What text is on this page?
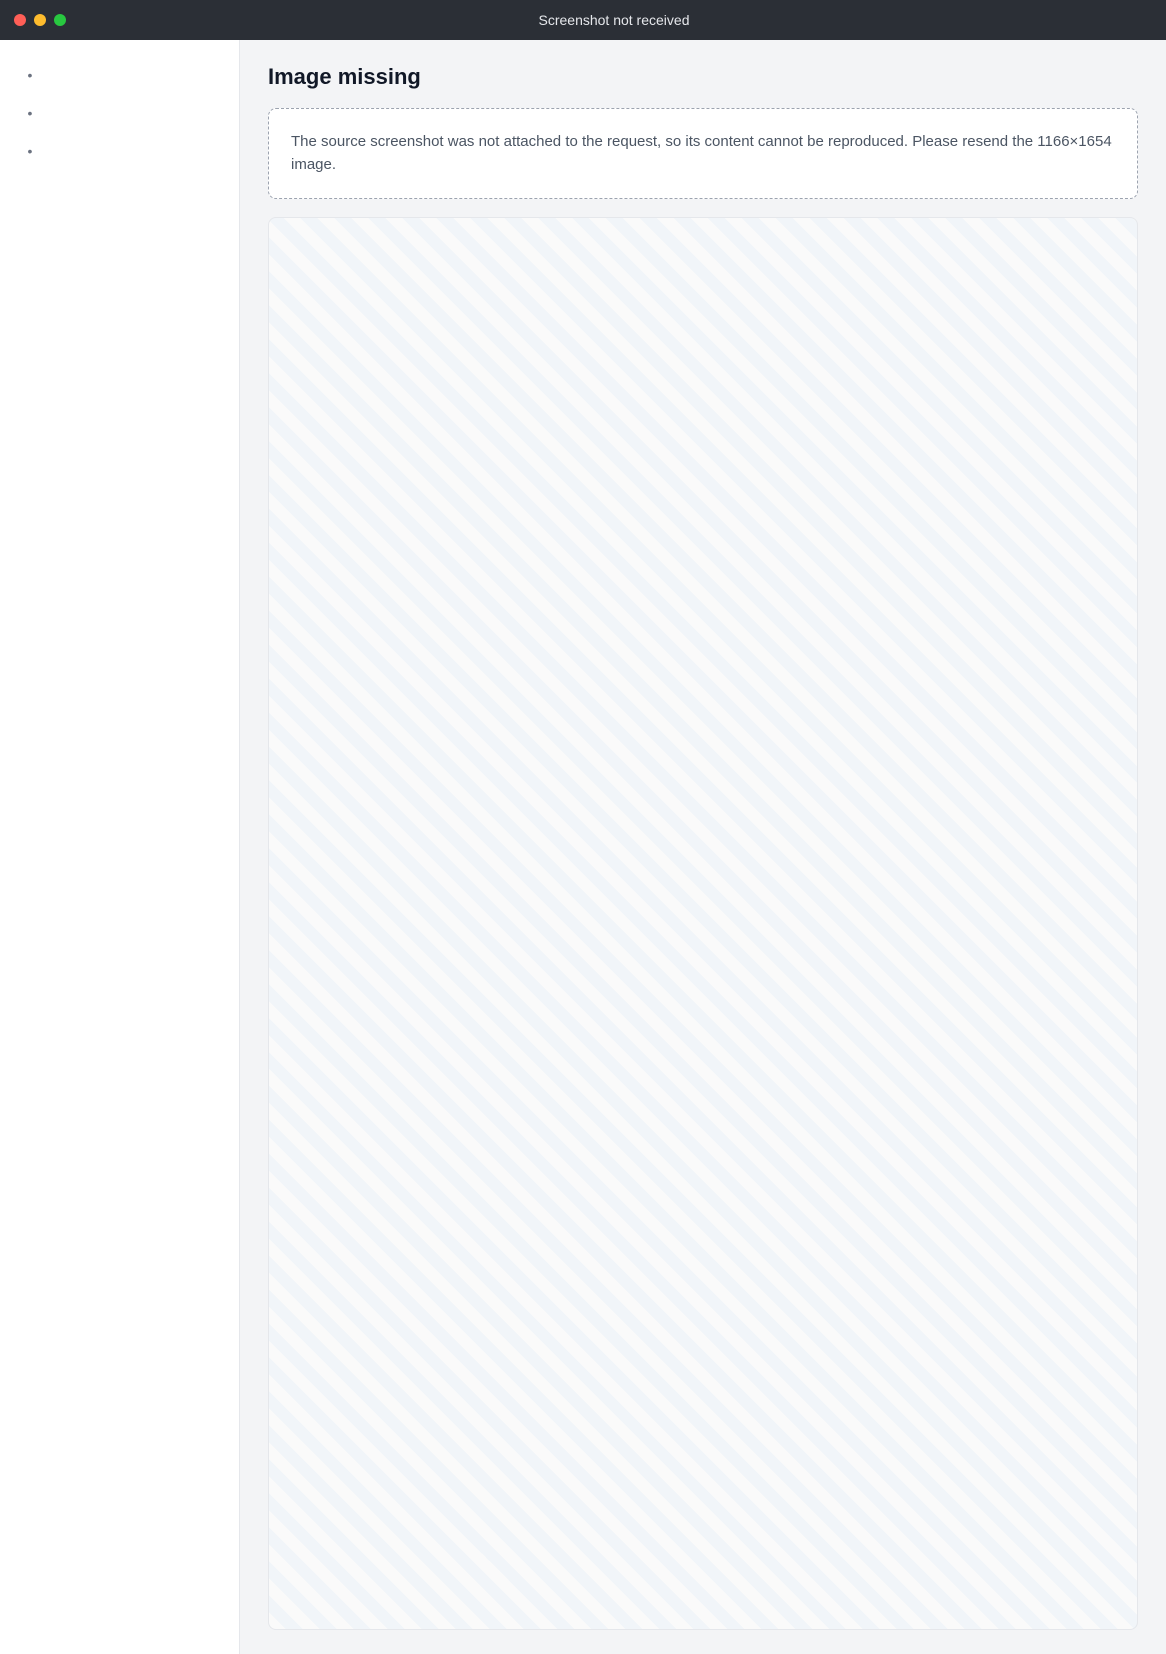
Screenshot not received
•
•
•
Image missing
The source screenshot was not attached to the request, so its content cannot be reproduced. Please resend the 1166×1654 image.
